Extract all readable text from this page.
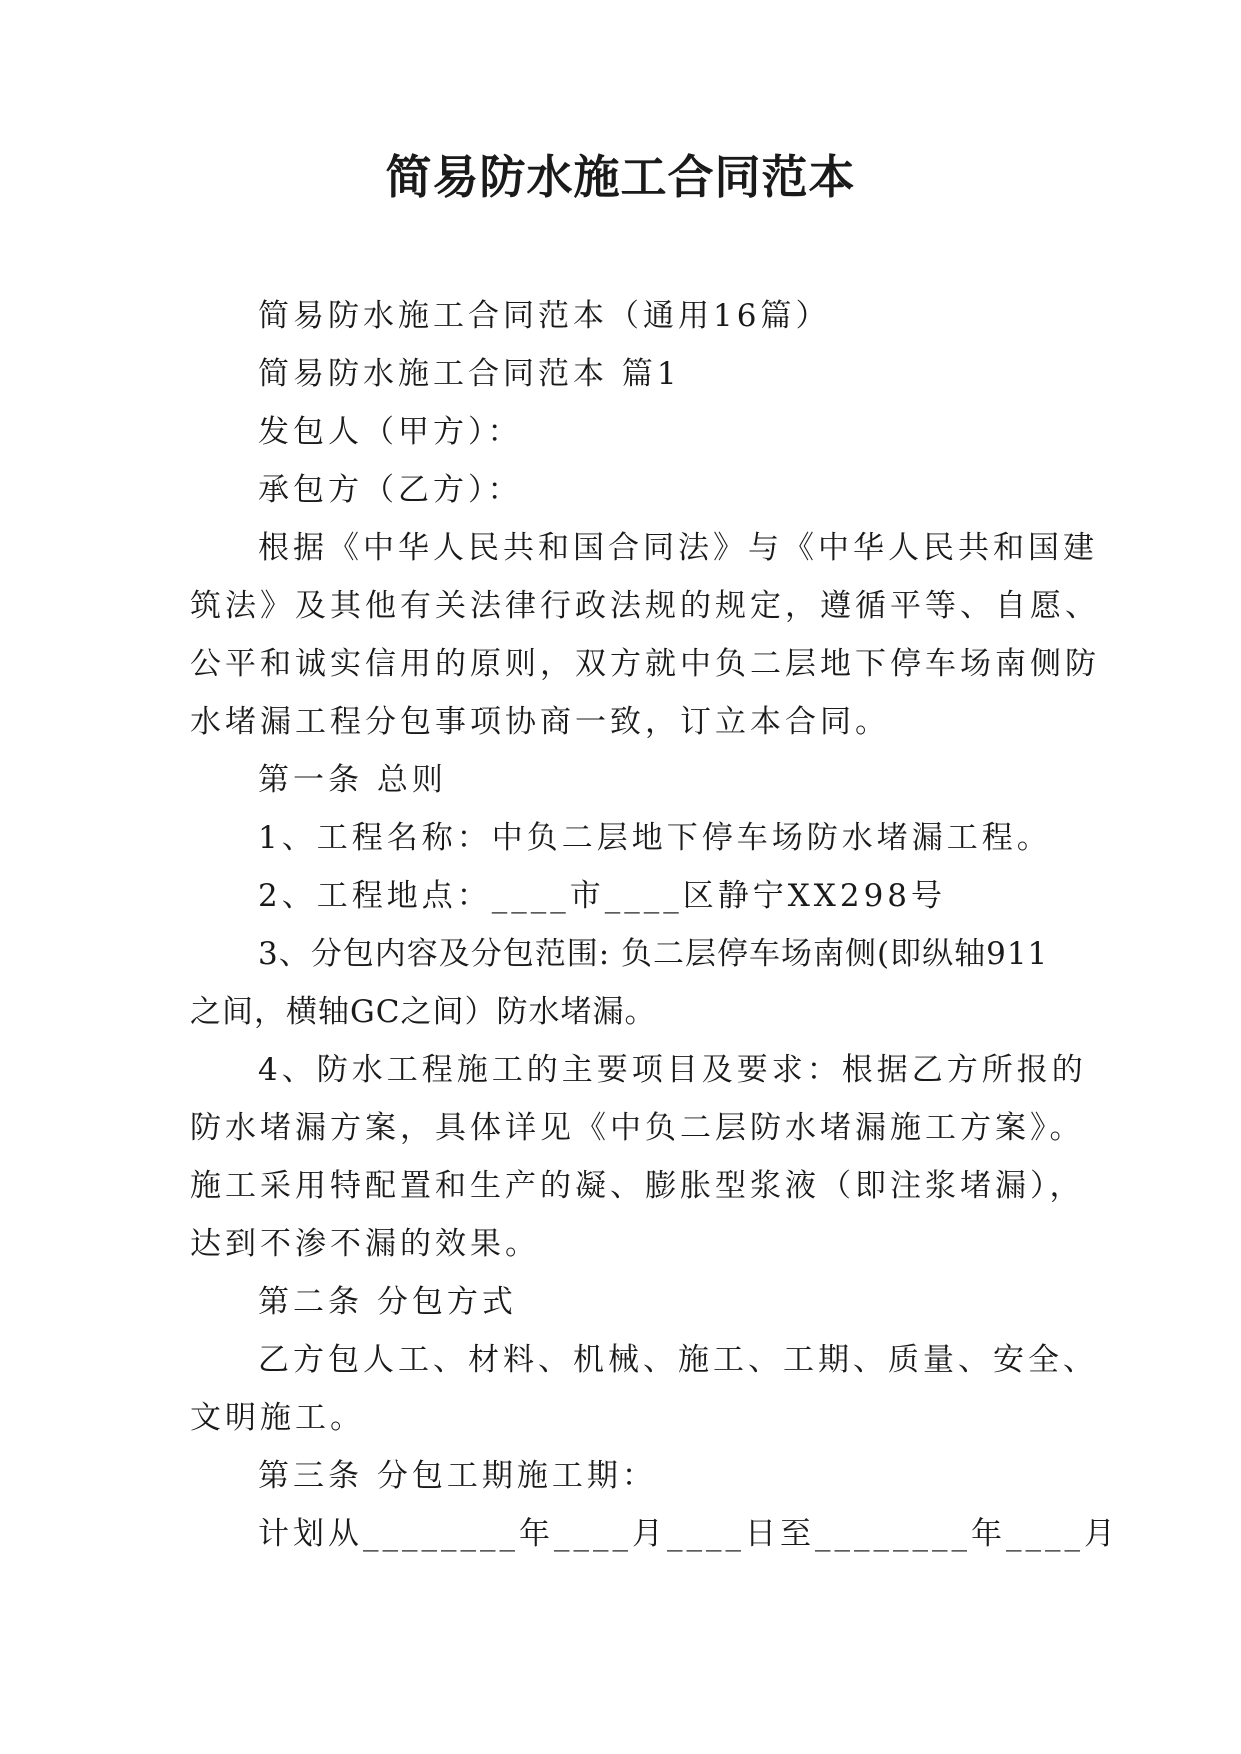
简易防水施工合同范本

简易防水施工合同范本（通用16篇）

简易防水施工合同范本 篇1

发包人（甲方）：

承包方（乙方）：

根据《中华人民共和国合同法》与《中华人民共和国建
筑法》及其他有关法律行政法规的规定，遵循平等、自愿、
公平和诚实信用的原则，双方就中负二层地下停车场南侧防
水堵漏工程分包事项协商一致，订立本合同。

第一条 总则

1、工程名称：中负二层地下停车场防水堵漏工程。

2、工程地点：____市____区静宁XX298号

3、分包内容及分包范围: 负二层停车场南侧(即纵轴911
之间，横轴GC之间）防水堵漏。

4、防水工程施工的主要项目及要求：根据乙方所报的
防水堵漏方案，具体详见《中负二层防水堵漏施工方案》。
施工采用特配置和生产的凝、膨胀型浆液（即注浆堵漏），
达到不渗不漏的效果。

第二条 分包方式

乙方包人工、材料、机械、施工、工期、质量、安全、
文明施工。

第三条 分包工期施工期：

计划从________年____月____日至________年____月
